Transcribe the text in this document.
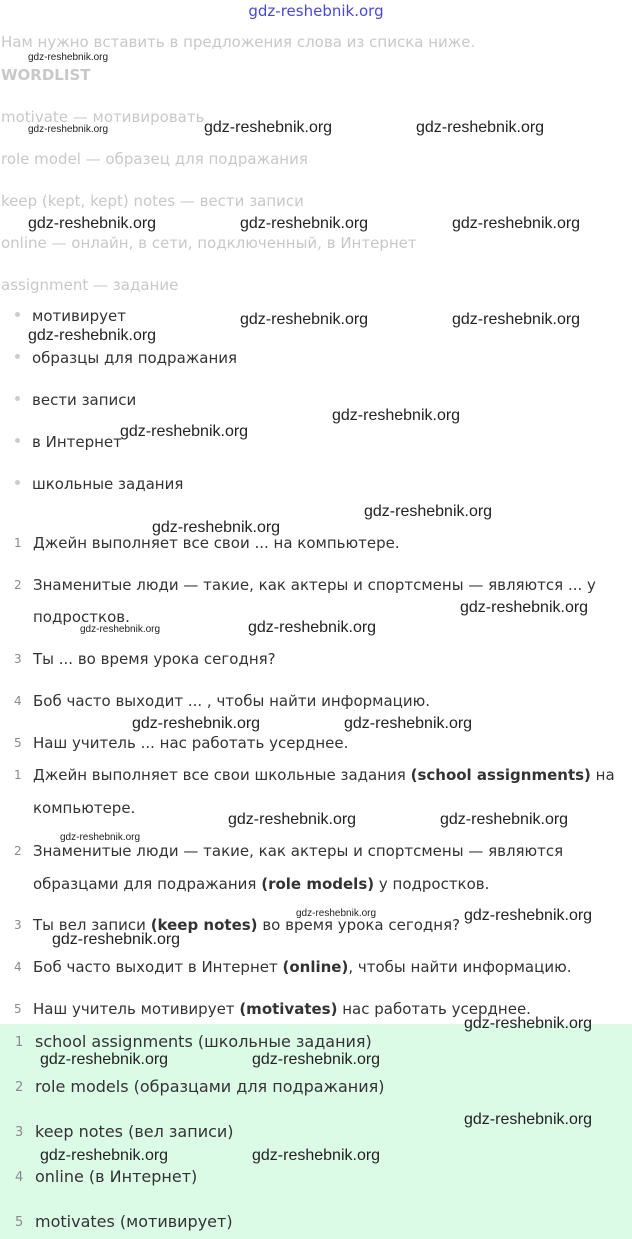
gdz-reshebnik.org
Нам нужно вставить в предложения слова из списка ниже.
WORDLIST
motivate — мотивировать
role model — образец для подражания
keep (kept, kept) notes — вести записи
online — онлайн, в сети, подключенный, в Интернет
assignment — задание
мотивирует
образцы для подражания
вести записи
в Интернет
школьные задания
1 Джейн выполняет все свои ... на компьютере.
2 Знаменитые люди — такие, как актеры и спортсмены — являются ... у
подростков.
3 Ты ... во время урока сегодня?
4 Боб часто выходит ... , чтобы найти информацию.
5 Наш учитель ... нас работать усерднее.
1 Джейн выполняет все свои школьные задания (school assignments) на
компьютере.
2 Знаменитые люди — такие, как актеры и спортсмены — являются
образцами для подражания (role models) у подростков.
3 Ты вел записи (keep notes) во время урока сегодня?
4 Боб часто выходит в Интернет (online), чтобы найти информацию.
5 Наш учитель мотивирует (motivates) нас работать усерднее.
1 school assignments (школьные задания)
2 role models (образцами для подражания)
3 keep notes (вел записи)
4 online (в Интернет)
5 motivates (мотивирует)
gdz-reshebnik.org
gdz-reshebnik.org	gdz-reshebnik.org	gdz-reshebnik.org
gdz-reshebnik.org	gdz-reshebnik.org	gdz-reshebnik.org
gdz-reshebnik.org	gdz-reshebnik.org
gdz-reshebnik.org
gdz-reshebnik.org
gdz-reshebnik.org
gdz-reshebnik.org
gdz-reshebnik.org
gdz-reshebnik.org
gdz-reshebnik.org	gdz-reshebnik.org
gdz-reshebnik.org	gdz-reshebnik.org
gdz-reshebnik.org	gdz-reshebnik.org
gdz-reshebnik.org
gdz-reshebnik.org	gdz-reshebnik.org
gdz-reshebnik.org
gdz-reshebnik.org
gdz-reshebnik.org	gdz-reshebnik.org
gdz-reshebnik.org
gdz-reshebnik.org	gdz-reshebnik.org
